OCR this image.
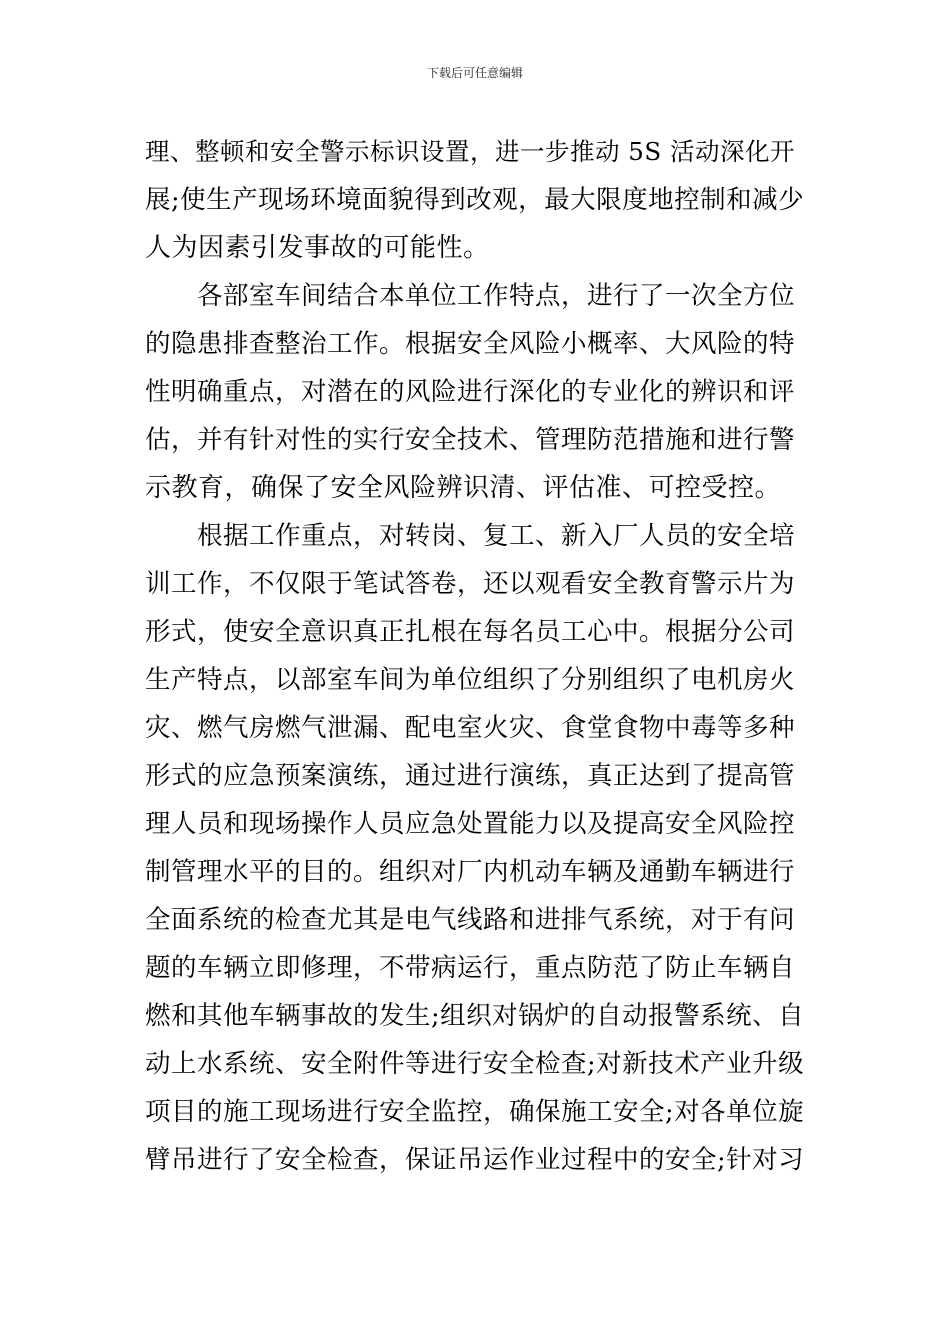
下载后可任意编辑
理、整顿和安全警示标识设置，进一步推动 5S 活动深化开
展;使生产现场环境面貌得到改观，最大限度地控制和减少
人为因素引发事故的可能性。
各部室车间结合本单位工作特点，进行了一次全方位
的隐患排查整治工作。根据安全风险小概率、大风险的特
性明确重点，对潜在的风险进行深化的专业化的辨识和评
估，并有针对性的实行安全技术、管理防范措施和进行警
示教育，确保了安全风险辨识清、评估准、可控受控。
根据工作重点，对转岗、复工、新入厂人员的安全培
训工作，不仅限于笔试答卷，还以观看安全教育警示片为
形式，使安全意识真正扎根在每名员工心中。根据分公司
生产特点，以部室车间为单位组织了分别组织了电机房火
灾、燃气房燃气泄漏、配电室火灾、食堂食物中毒等多种
形式的应急预案演练，通过进行演练，真正达到了提高管
理人员和现场操作人员应急处置能力以及提高安全风险控
制管理水平的目的。组织对厂内机动车辆及通勤车辆进行
全面系统的检查尤其是电气线路和进排气系统，对于有问
题的车辆立即修理，不带病运行，重点防范了防止车辆自
燃和其他车辆事故的发生;组织对锅炉的自动报警系统、自
动上水系统、安全附件等进行安全检查;对新技术产业升级
项目的施工现场进行安全监控，确保施工安全;对各单位旋
臂吊进行了安全检查，保证吊运作业过程中的安全;针对习
